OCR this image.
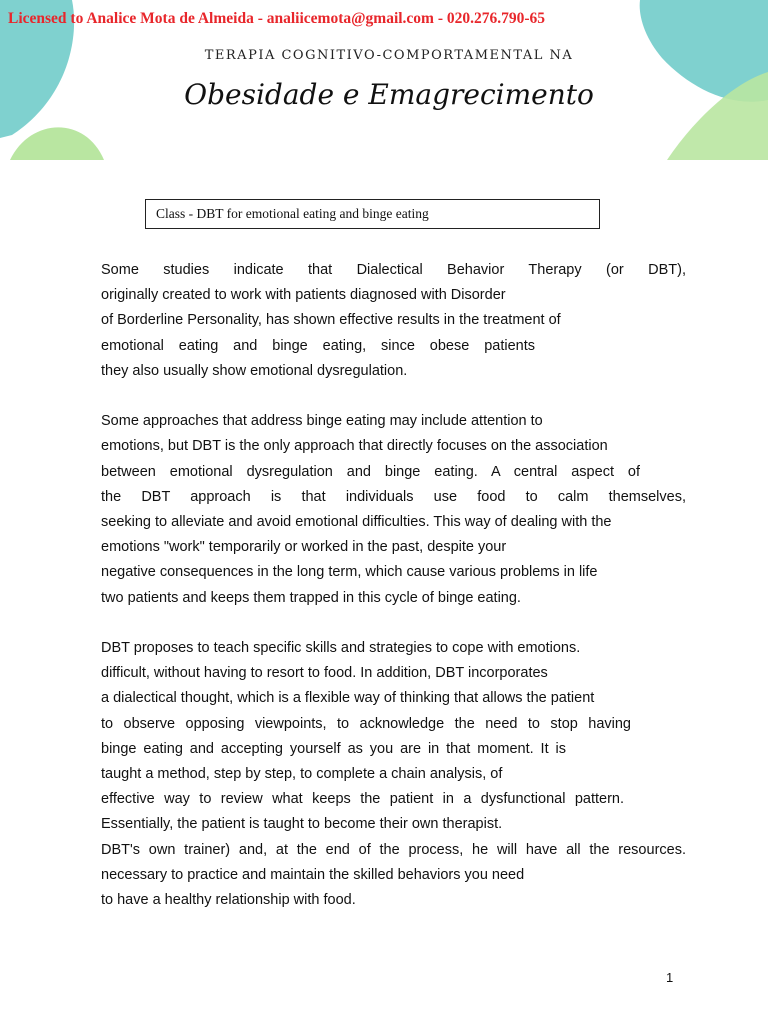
Licensed to Analice Mota de Almeida - analiicemota@gmail.com - 020.276.790-65
TERAPIA COGNITIVO-COMPORTAMENTAL NA
Obesidade e Emagrecimento
Class - DBT for emotional eating and binge eating

Some studies indicate that Dialectical Behavior Therapy (or DBT),
originally created to work with patients diagnosed with Disorder
of Borderline Personality, has shown effective results in the treatment of
emotional eating and binge eating, since obese patients
they also usually show emotional dysregulation.

Some approaches that address binge eating may include attention to
emotions, but DBT is the only approach that directly focuses on the association
between emotional dysregulation and binge eating. A central aspect of
the DBT approach is that individuals use food to calm themselves,
seeking to alleviate and avoid emotional difficulties. This way of dealing with the
emotions "work" temporarily or worked in the past, despite your
negative consequences in the long term, which cause various problems in life
two patients and keeps them trapped in this cycle of binge eating.

DBT proposes to teach specific skills and strategies to cope with emotions.
difficult, without having to resort to food. In addition, DBT incorporates
a dialectical thought, which is a flexible way of thinking that allows the patient
to observe opposing viewpoints, to acknowledge the need to stop having
binge eating and accepting yourself as you are in that moment. It is
taught a method, step by step, to complete a chain analysis, of
effective way to review what keeps the patient in a dysfunctional pattern.
Essentially, the patient is taught to become their own therapist.
DBT's own trainer) and, at the end of the process, he will have all the resources.
necessary to practice and maintain the skilled behaviors you need
to have a healthy relationship with food.

1
